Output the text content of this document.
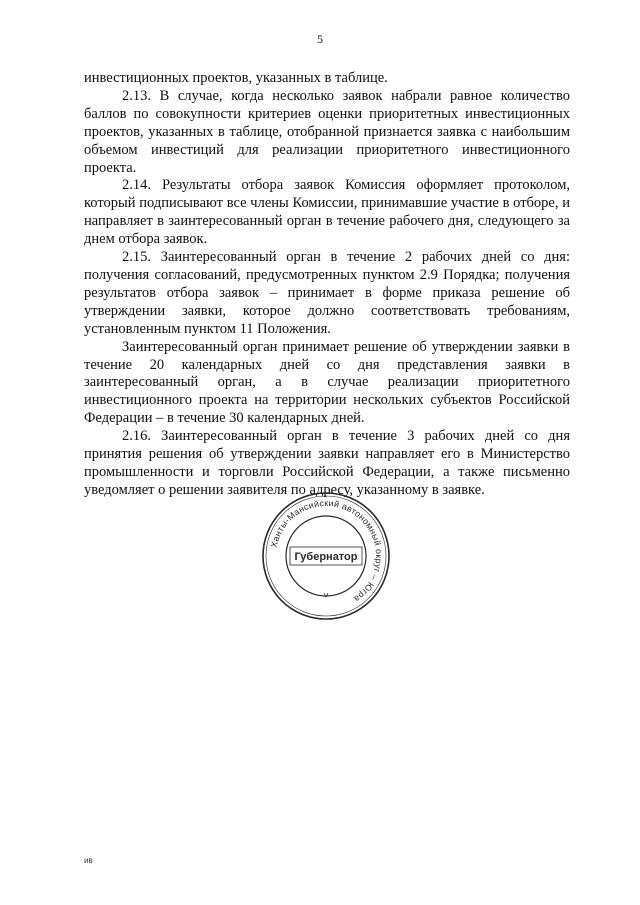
5

инвестиционных проектов, указанных в таблице.

2.13. В случае, когда несколько заявок набрали равное количество баллов по совокупности критериев оценки приоритетных инвестиционных проектов, указанных в таблице, отобранной признается заявка с наибольшим объемом инвестиций для реализации приоритетного инвестиционного проекта.

2.14. Результаты отбора заявок Комиссия оформляет протоколом, который подписывают все члены Комиссии, принимавшие участие в отборе, и направляет в заинтересованный орган в течение рабочего дня, следующего за днем отбора заявок.

2.15. Заинтересованный орган в течение 2 рабочих дней со дня: получения согласований, предусмотренных пунктом 2.9 Порядка; получения результатов отбора заявок – принимает в форме приказа решение об утверждении заявки, которое должно соответствовать требованиям, установленным пунктом 11 Положения.

Заинтересованный орган принимает решение об утверждении заявки в течение 20 календарных дней со дня представления заявки в заинтересованный орган, а в случае реализации приоритетного инвестиционного проекта на территории нескольких субъектов Российской Федерации – в течение 30 календарных дней.

2.16. Заинтересованный орган в течение 3 рабочих дней со дня принятия решения об утверждении заявки направляет его в Министерство промышленности и торговли Российской Федерации, а также письменно уведомляет о решении заявителя по адресу, указанному в заявке.

Ханты-Мансийский автономный округ – Югра
Губернатор
ив
